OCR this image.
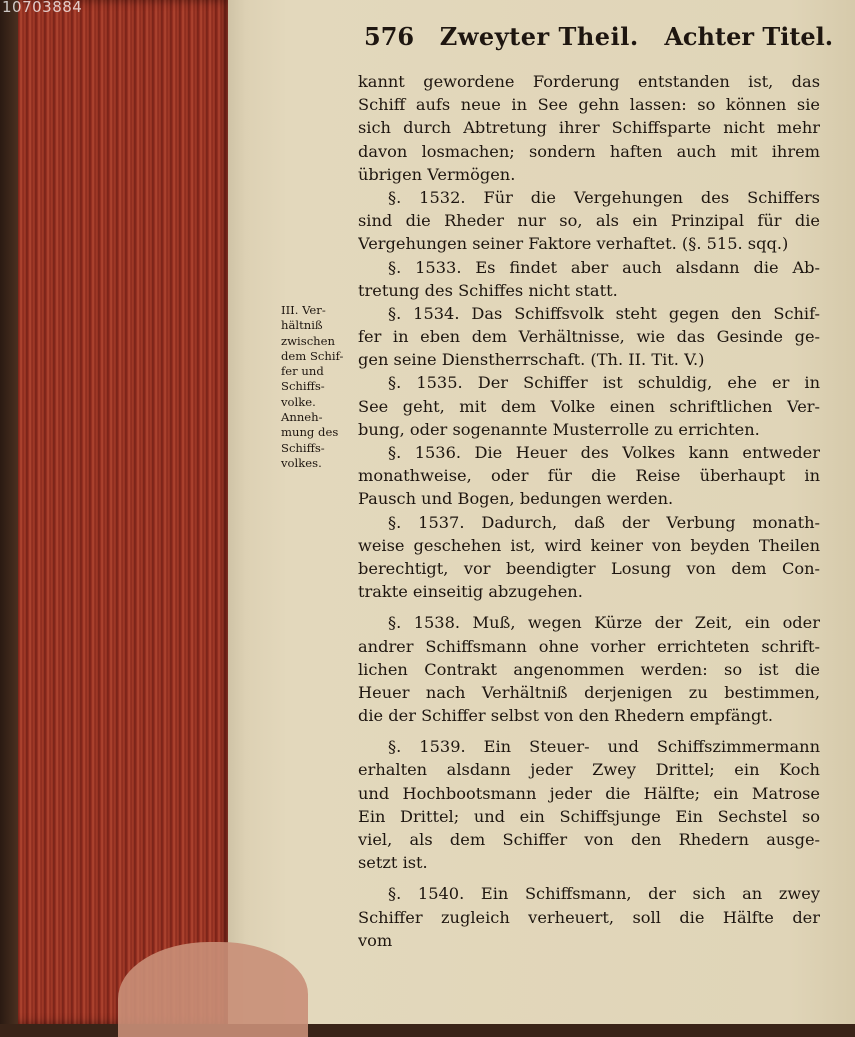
10703884
576 Zweyter Theil. Achter Titel.
III. Ver-
hältniß
zwischen
dem Schif-
fer und
Schiffs-
volke.
Anneh-
mung des
Schiffs-
volkes.
kannt gewordene Forderung entstanden ist, das
Schiff aufs neue in See gehn lassen: so können sie
sich durch Abtretung ihrer Schiffsparte nicht mehr
davon losmachen; sondern haften auch mit ihrem
übrigen Vermögen.
§. 1532. Für die Vergehungen des Schiffers
sind die Rheder nur so, als ein Prinzipal für die
Vergehungen seiner Faktore verhaftet. (§. 515. sqq.)
§. 1533. Es findet aber auch alsdann die Ab-
tretung des Schiffes nicht statt.
§. 1534. Das Schiffsvolk steht gegen den Schif-
fer in eben dem Verhältnisse, wie das Gesinde ge-
gen seine Dienstherrschaft. (Th. II. Tit. V.)
§. 1535. Der Schiffer ist schuldig, ehe er in
See geht, mit dem Volke einen schriftlichen Ver-
bung, oder sogenannte Musterrolle zu errichten.
§. 1536. Die Heuer des Volkes kann entweder
monathweise, oder für die Reise überhaupt in
Pausch und Bogen, bedungen werden.
§. 1537. Dadurch, daß der Verbung monath-
weise geschehen ist, wird keiner von beyden Theilen
berechtigt, vor beendigter Losung von dem Con-
trakte einseitig abzugehen.
§. 1538. Muß, wegen Kürze der Zeit, ein oder
andrer Schiffsmann ohne vorher errichteten schrift-
lichen Contrakt angenommen werden: so ist die
Heuer nach Verhältniß derjenigen zu bestimmen,
die der Schiffer selbst von den Rhedern empfängt.
§. 1539. Ein Steuer- und Schiffszimmermann
erhalten alsdann jeder Zwey Drittel; ein Koch
und Hochbootsmann jeder die Hälfte; ein Matrose
Ein Drittel; und ein Schiffsjunge Ein Sechstel so
viel, als dem Schiffer von den Rhedern ausge-
setzt ist.
§. 1540. Ein Schiffsmann, der sich an zwey
Schiffer zugleich verheuert, soll die Hälfte der
vom
